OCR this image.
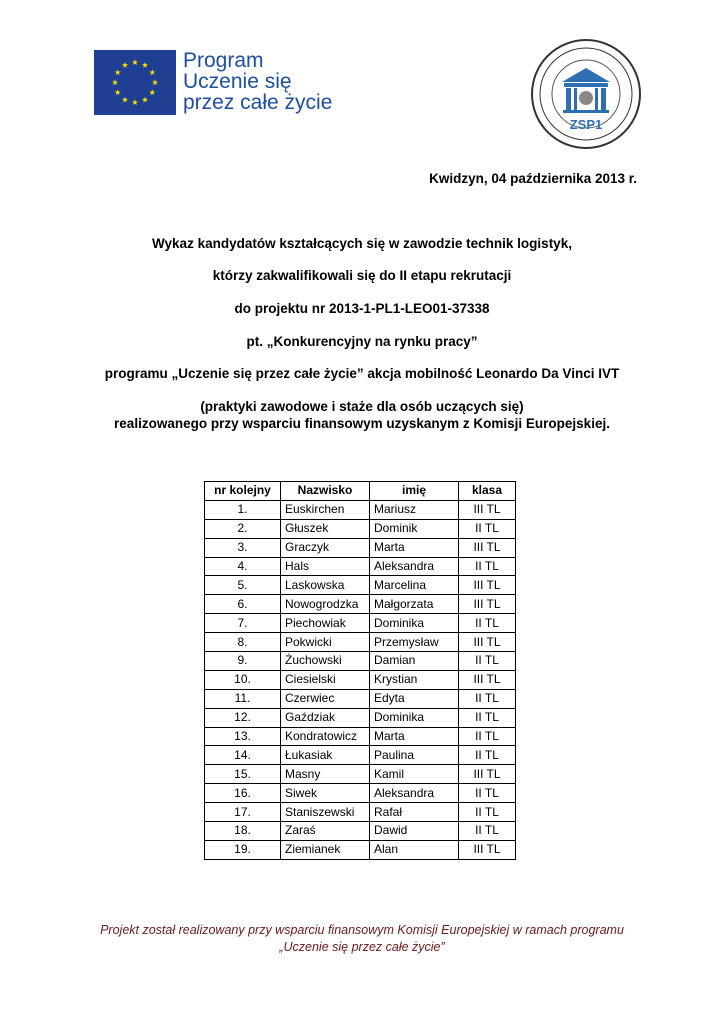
Program
Uczenie się
przez całe życie
ZSP1
Kwidzyn, 04 października 2013 r.
Wykaz kandydatów kształcących się w zawodzie technik logistyk,
którzy zakwalifikowali się do II etapu rekrutacji
do projektu nr 2013-1-PL1-LEO01-37338
pt. „Konkurencyjny na rynku pracy”
programu „Uczenie się przez całe życie” akcja mobilność Leonardo Da Vinci IVT
(praktyki zawodowe i staże dla osób uczących się)
realizowanego przy wsparciu finansowym uzyskanym z Komisji Europejskiej.
nr kolejny	Nazwisko	imię	klasa
1.	Euskirchen	Mariusz	III TL
2.	Głuszek	Dominik	II TL
3.	Graczyk	Marta	III TL
4.	Hals	Aleksandra	II TL
5.	Laskowska	Marcelina	III TL
6.	Nowogrodzka	Małgorzata	III TL
7.	Piechowiak	Dominika	II TL
8.	Pokwicki	Przemysław	III TL
9.	Żuchowski	Damian	II TL
10.	Ciesielski	Krystian	III TL
11.	Czerwiec	Edyta	II TL
12.	Gaździak	Dominika	II TL
13.	Kondratowicz	Marta	II TL
14.	Łukasiak	Paulina	II TL
15.	Masny	Kamil	III TL
16.	Siwek	Aleksandra	II TL
17.	Staniszewski	Rafał	II TL
18.	Zaraś	Dawid	II TL
19.	Ziemianek	Alan	III TL
Projekt został realizowany przy wsparciu finansowym Komisji Europejskiej w ramach programu
„Uczenie się przez całe życie”
